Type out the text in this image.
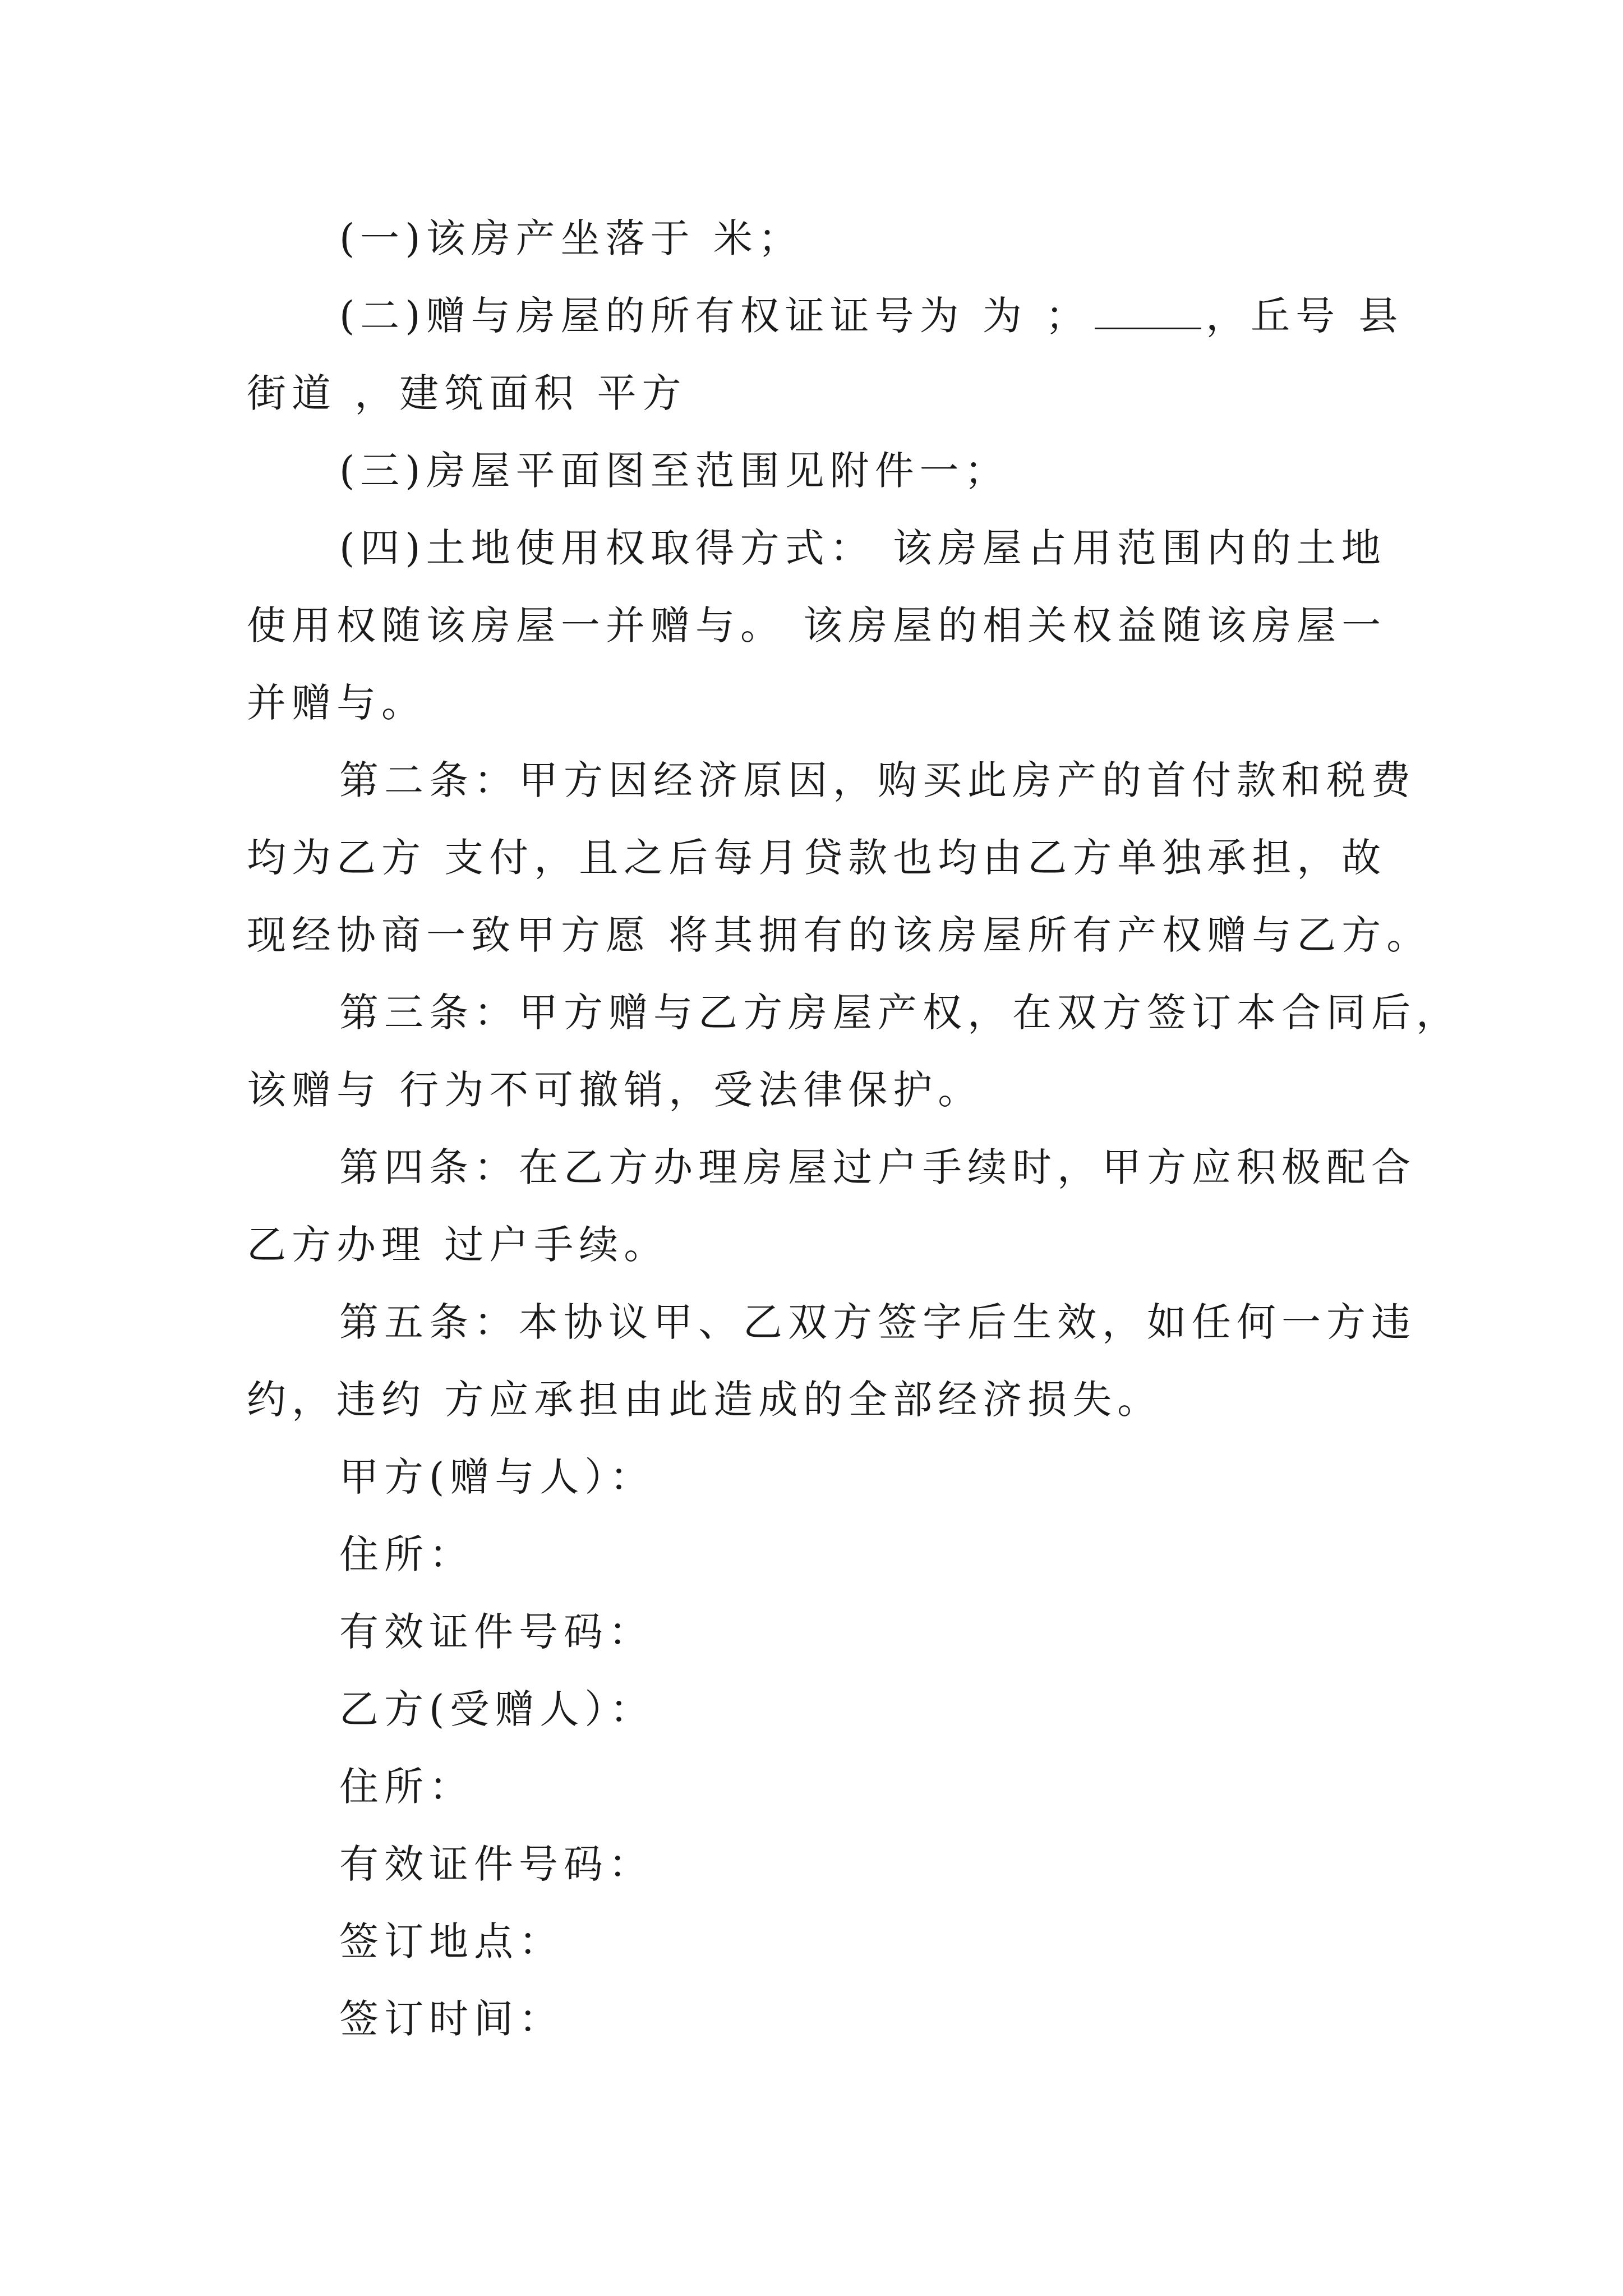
(一)该房产坐落于 米；
(二)赠与房屋的所有权证证号为 为 ；	，丘号 县
街道 ，建筑面积 平方
(三)房屋平面图至范围见附件一；
(四)土地使用权取得方式： 该房屋占用范围内的土地
使用权随该房屋一并赠与。 该房屋的相关权益随该房屋一
并赠与。
第二条：甲方因经济原因，购买此房产的首付款和税费
均为乙方 支付，且之后每月贷款也均由乙方单独承担，故
现经协商一致甲方愿 将其拥有的该房屋所有产权赠与乙方。
第三条：甲方赠与乙方房屋产权，在双方签订本合同后，
该赠与 行为不可撤销，受法律保护。
第四条：在乙方办理房屋过户手续时，甲方应积极配合
乙方办理 过户手续。
第五条：本协议甲、乙双方签字后生效，如任何一方违
约，违约 方应承担由此造成的全部经济损失。
甲方(赠与人）：
住所：
有效证件号码：
乙方(受赠人）：
住所：
有效证件号码：
签订地点：
签订时间：
